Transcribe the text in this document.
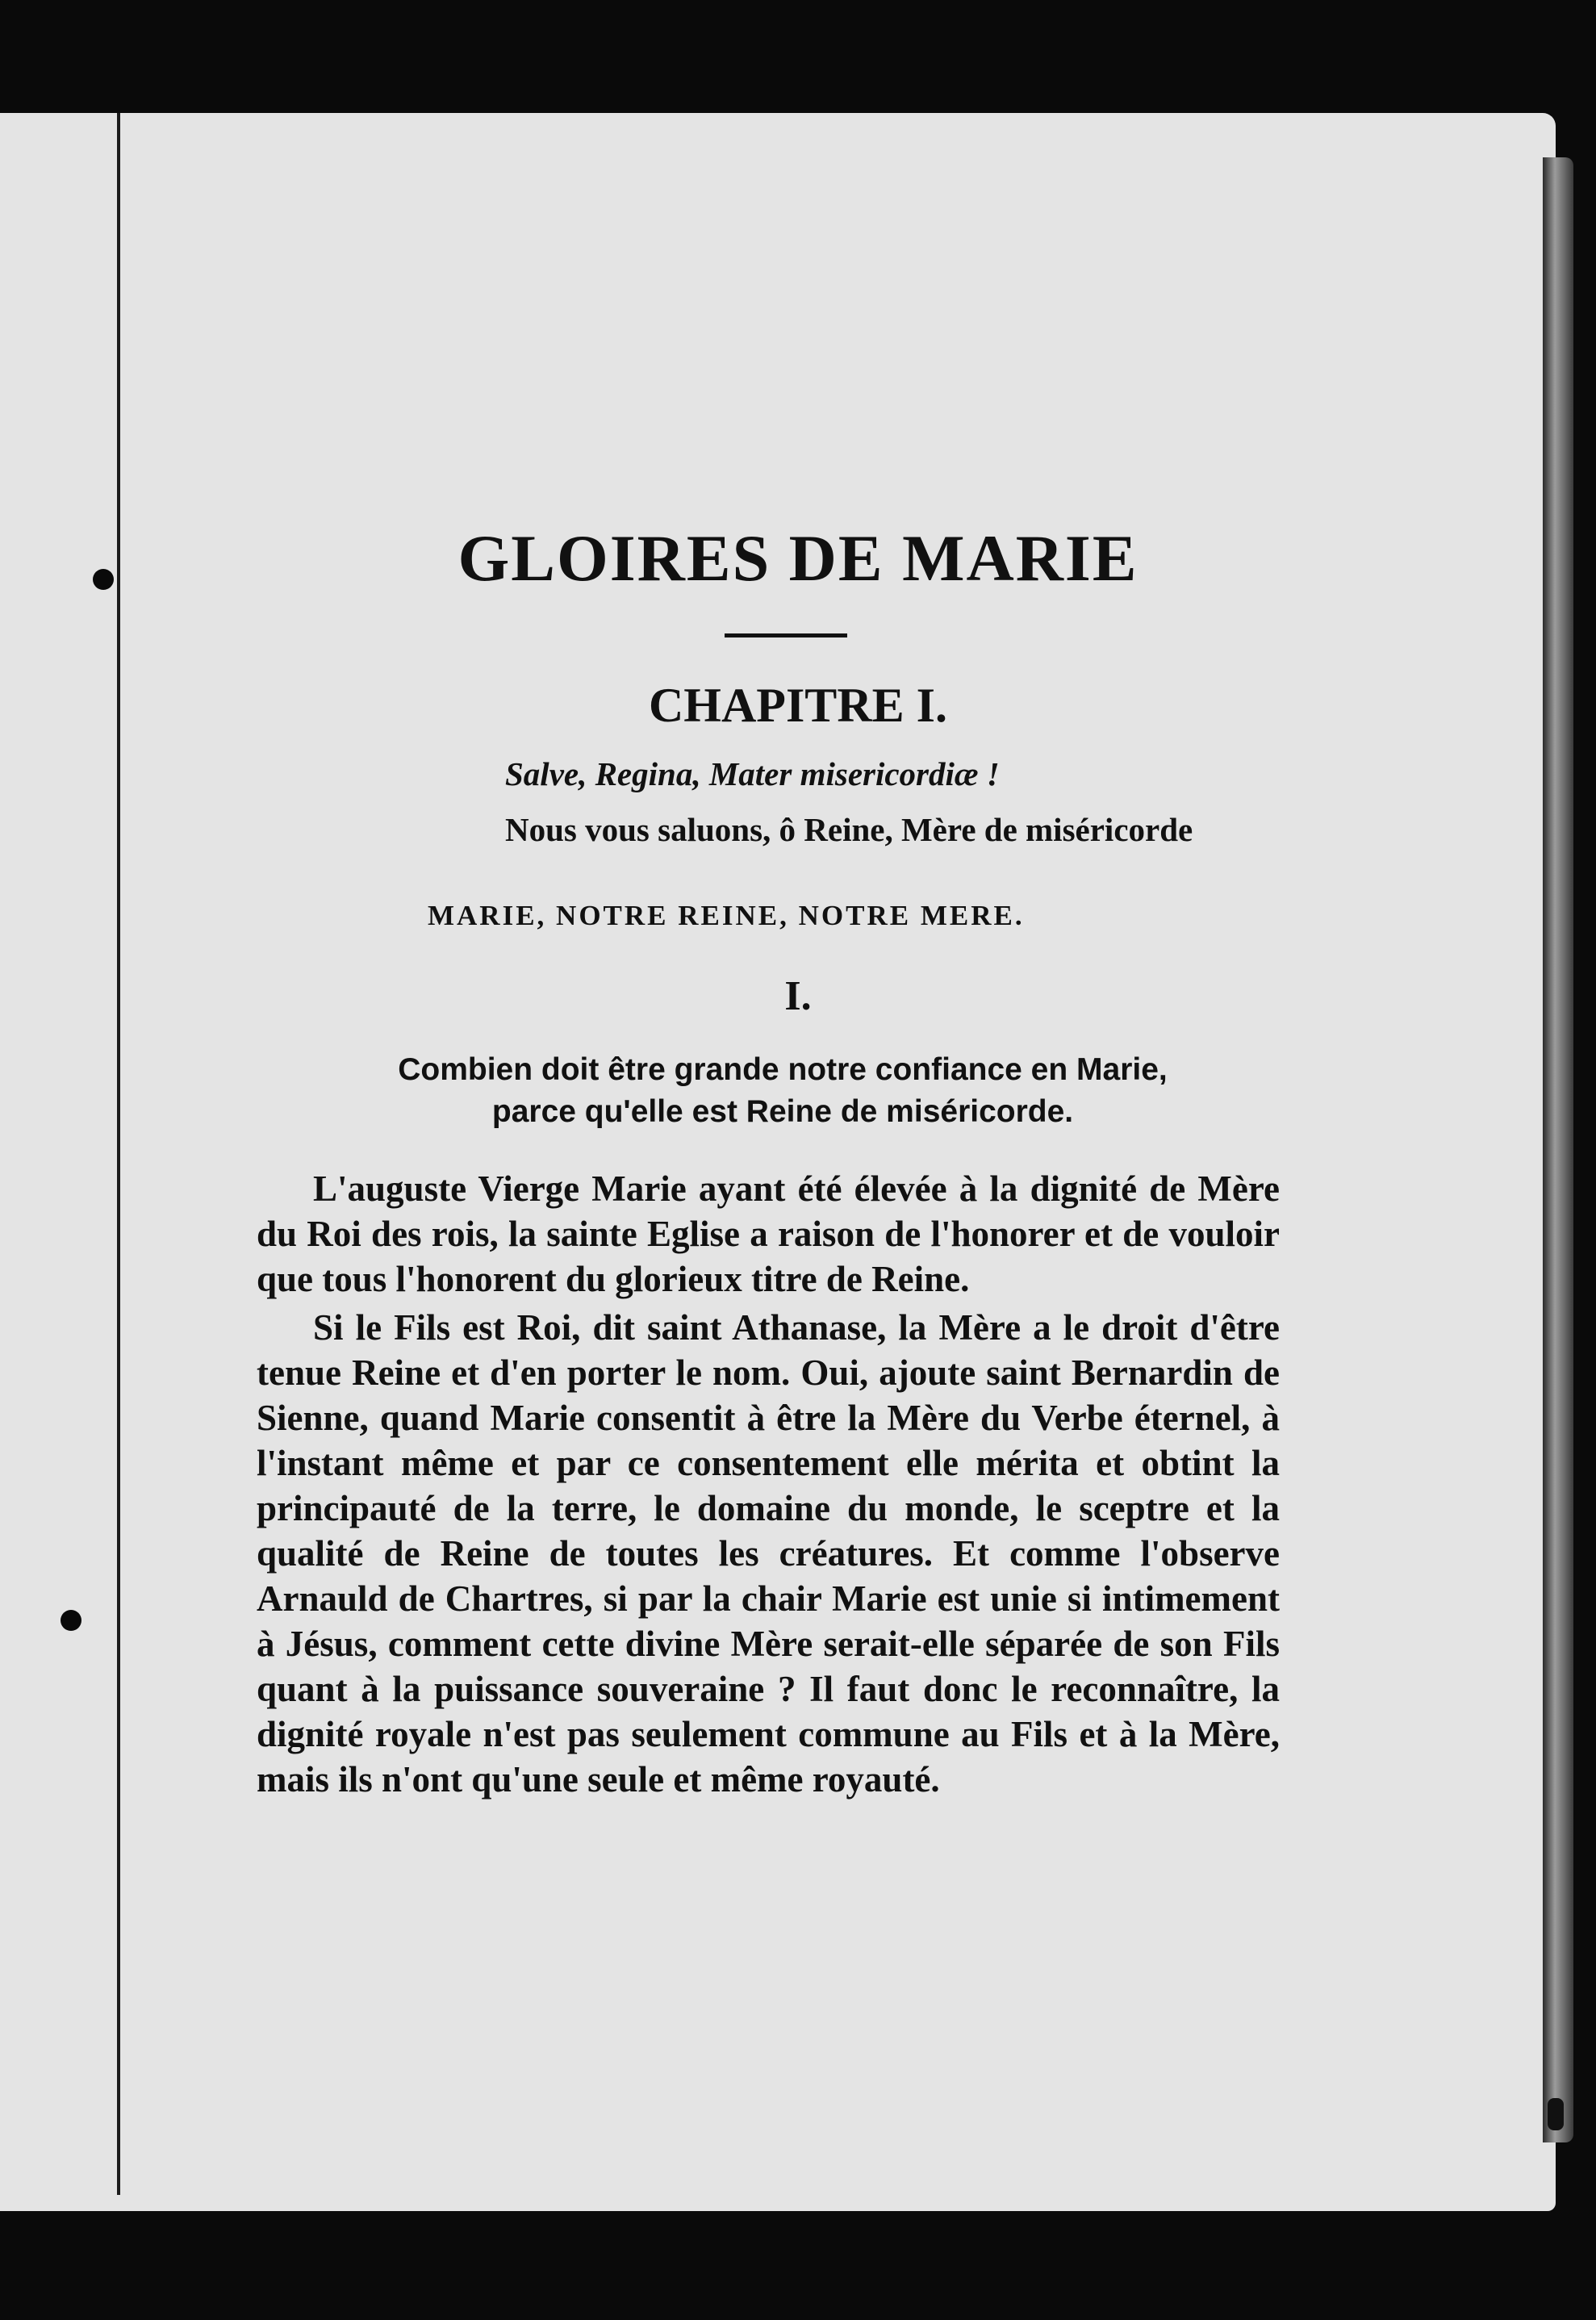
GLOIRES DE MARIE
CHAPITRE I.
Salve, Regina, Mater misericordiæ !
Nous vous saluons, ô Reine, Mère de miséricorde
MARIE, NOTRE REINE, NOTRE MERE.
I.
Combien doit être grande notre confiance en Marie,
parce qu'elle est Reine de miséricorde.

L'auguste Vierge Marie ayant été élevée à la dignité de Mère du Roi des rois, la sainte Eglise a raison de l'honorer et de vouloir que tous l'honorent du glorieux titre de Reine.

Si le Fils est Roi, dit saint Athanase, la Mère a le droit d'être tenue Reine et d'en porter le nom. Oui, ajoute saint Bernardin de Sienne, quand Marie consentit à être la Mère du Verbe éternel, à l'instant même et par ce consentement elle mérita et obtint la principauté de la terre, le domaine du monde, le sceptre et la qualité de Reine de toutes les créatures. Et comme l'observe Arnauld de Chartres, si par la chair Marie est unie si intimement à Jésus, comment cette divine Mère serait-elle séparée de son Fils quant à la puissance souveraine ? Il faut donc le reconnaître, la dignité royale n'est pas seulement commune au Fils et à la Mère, mais ils n'ont qu'une seule et même royauté.
